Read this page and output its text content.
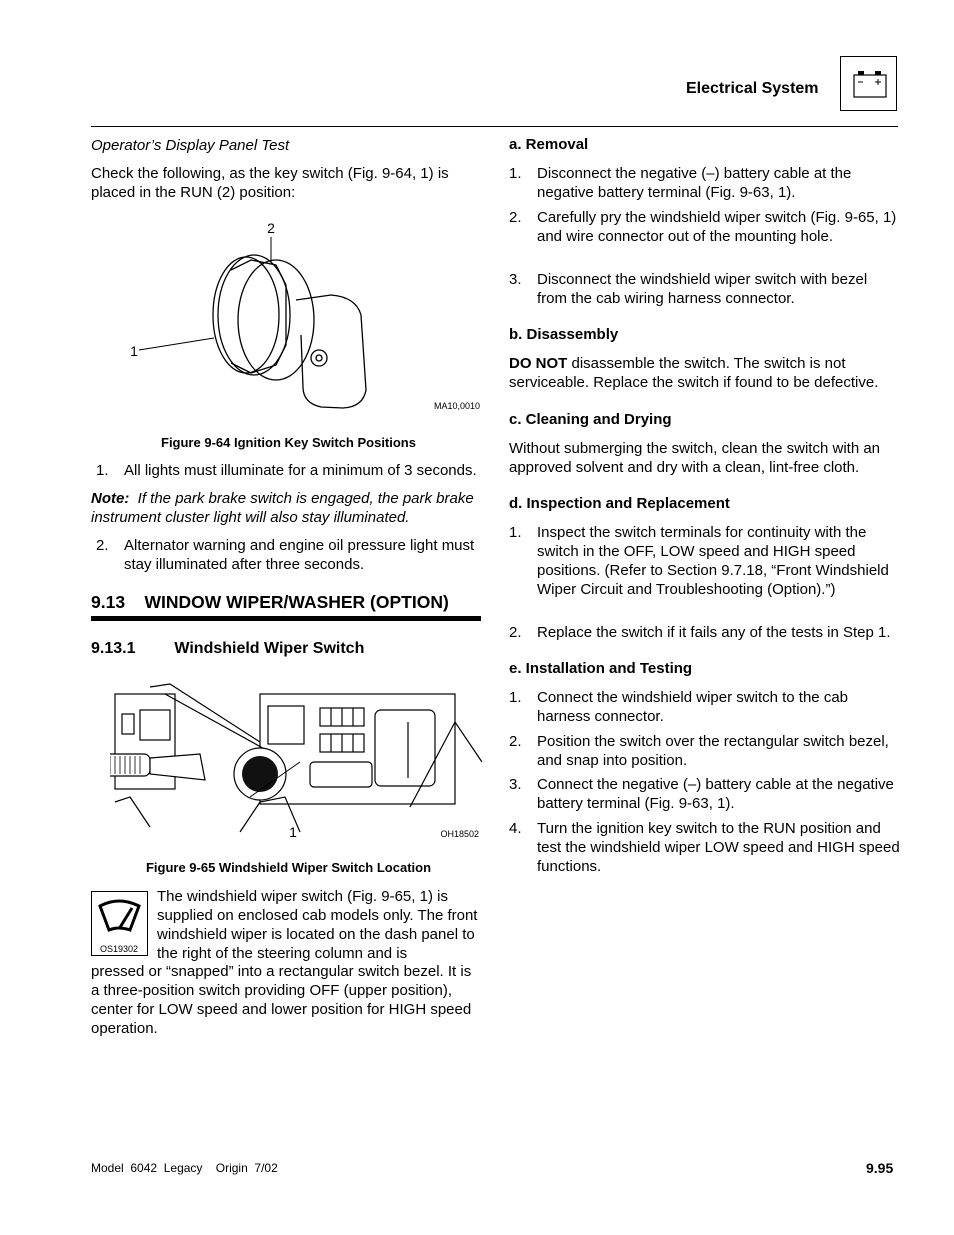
Electrical System
Operator’s Display Panel Test
Check the following, as the key switch (Fig. 9-64, 1) is placed in the RUN (2) position:
2
1
MA10,0010
Figure 9-64 Ignition Key Switch Positions
1.	All lights must illuminate for a minimum of 3 seconds.
Note: If the park brake switch is engaged, the park brake instrument cluster light will also stay illuminated.
2.	Alternator warning and engine oil pressure light must stay illuminated after three seconds.
9.13 WINDOW WIPER/WASHER (OPTION)
9.13.1 Windshield Wiper Switch
1	OH18502
Figure 9-65 Windshield Wiper Switch Location
OS19302
The windshield wiper switch (Fig. 9-65, 1) is supplied on enclosed cab models only. The front windshield wiper is located on the dash panel to the right of the steering column and is
pressed or “snapped” into a rectangular switch bezel. It is a three-position switch providing OFF (upper position), center for LOW speed and lower position for HIGH speed operation.
a. Removal
1.	Disconnect the negative (–) battery cable at the negative battery terminal (Fig. 9-63, 1).
2.	Carefully pry the windshield wiper switch (Fig. 9-65, 1) and wire connector out of the mounting hole.
3.	Disconnect the windshield wiper switch with bezel from the cab wiring harness connector.
b. Disassembly
DO NOT disassemble the switch. The switch is not serviceable. Replace the switch if found to be defective.
c. Cleaning and Drying
Without submerging the switch, clean the switch with an approved solvent and dry with a clean, lint-free cloth.
d. Inspection and Replacement
1.	Inspect the switch terminals for continuity with the switch in the OFF, LOW speed and HIGH speed positions. (Refer to Section 9.7.18, “Front Windshield Wiper Circuit and Troubleshooting (Option).”)
2.	Replace the switch if it fails any of the tests in Step 1.
e. Installation and Testing
1.	Connect the windshield wiper switch to the cab harness connector.
2.	Position the switch over the rectangular switch bezel, and snap into position.
3.	Connect the negative (–) battery cable at the negative battery terminal (Fig. 9-63, 1).
4.	Turn the ignition key switch to the RUN position and test the windshield wiper LOW speed and HIGH speed functions.
Model  6042  Legacy    Origin  7/02	9.95
